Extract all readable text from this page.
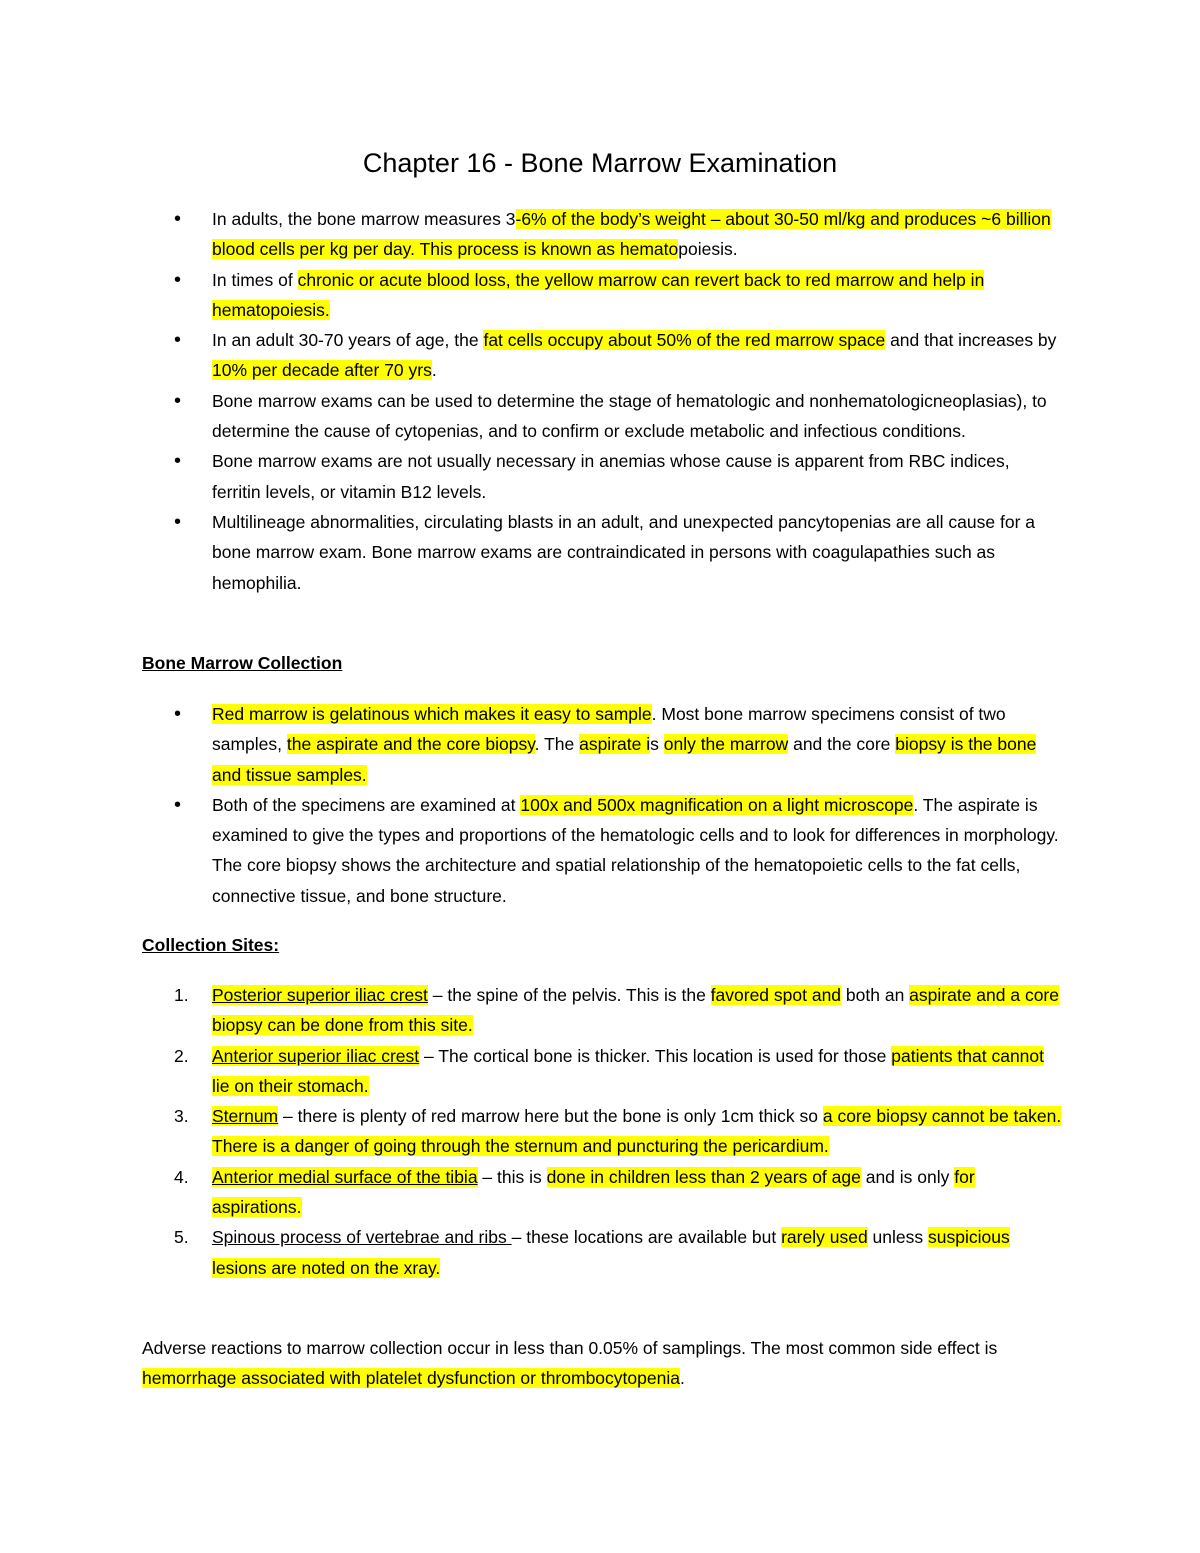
Chapter 16 - Bone Marrow Examination
• In adults, the bone marrow measures 3-6% of the body’s weight – about 30-50 ml/kg and produces ~6 billion blood cells per kg per day. This process is known as hematopoiesis.
• In times of chronic or acute blood loss, the yellow marrow can revert back to red marrow and help in hematopoiesis.
• In an adult 30-70 years of age, the fat cells occupy about 50% of the red marrow space and that increases by 10% per decade after 70 yrs.
• Bone marrow exams can be used to determine the stage of hematologic and nonhematologicneoplasias), to determine the cause of cytopenias, and to confirm or exclude metabolic and infectious conditions.
• Bone marrow exams are not usually necessary in anemias whose cause is apparent from RBC indices, ferritin levels, or vitamin B12 levels.
• Multilineage abnormalities, circulating blasts in an adult, and unexpected pancytopenias are all cause for a bone marrow exam. Bone marrow exams are contraindicated in persons with coagulapathies such as hemophilia.
Bone Marrow Collection
• Red marrow is gelatinous which makes it easy to sample. Most bone marrow specimens consist of two samples, the aspirate and the core biopsy. The aspirate is only the marrow and the core biopsy is the bone and tissue samples.
• Both of the specimens are examined at 100x and 500x magnification on a light microscope. The aspirate is examined to give the types and proportions of the hematologic cells and to look for differences in morphology. The core biopsy shows the architecture and spatial relationship of the hematopoietic cells to the fat cells, connective tissue, and bone structure.
Collection Sites:
1. Posterior superior iliac crest – the spine of the pelvis. This is the favored spot and both an aspirate and a core biopsy can be done from this site.
2. Anterior superior iliac crest – The cortical bone is thicker. This location is used for those patients that cannot lie on their stomach.
3. Sternum – there is plenty of red marrow here but the bone is only 1cm thick so a core biopsy cannot be taken. There is a danger of going through the sternum and puncturing the pericardium.
4. Anterior medial surface of the tibia – this is done in children less than 2 years of age and is only for aspirations.
5. Spinous process of vertebrae and ribs – these locations are available but rarely used unless suspicious lesions are noted on the xray.

Adverse reactions to marrow collection occur in less than 0.05% of samplings. The most common side effect is hemorrhage associated with platelet dysfunction or thrombocytopenia.
